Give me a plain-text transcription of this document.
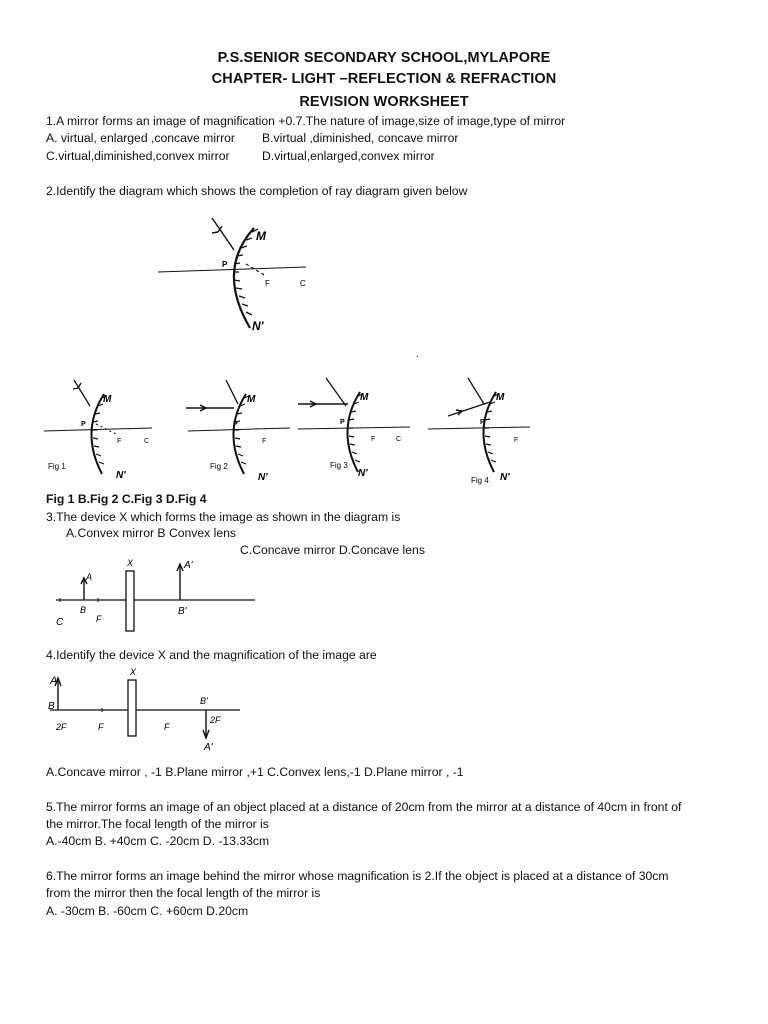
P.S.SENIOR SECONDARY SCHOOL,MYLAPORE
CHAPTER- LIGHT –REFLECTION & REFRACTION
REVISION WORKSHEET
1.A mirror forms an image of magnification +0.7.The nature of image,size of image,type of mirror
A. virtual, enlarged ,concave mirror B.virtual ,diminished, concave mirror
C.virtual,diminished,convex mirror	D.virtual,enlarged,convex mirror
2.Identify the diagram which shows the completion of ray diagram given below
M
P
F	C
N'
.
M
P
F	C
N'
Fig 1
M
P
F
N'
Fig 2
M
P
F	C
N'
Fig 3
M
P
F
N'
Fig 4
Fig 1 B.Fig 2 C.Fig 3 D.Fig 4
3.The device X which forms the image as shown in the diagram is
A.Convex mirror B Convex lens
C.Concave mirror D.Concave lens
A
B
C	F
X	A'
B'
4.Identify the device X and the magnification of the image are
A
B
2F	F
X
F
B'
2F
A'
A.Concave mirror , -1 B.Plane mirror ,+1 C.Convex lens,-1 D.Plane mirror , -1
5.The mirror forms an image of an object placed at a distance of 20cm from the mirror at a distance of 40cm in front of
the mirror.The focal length of the mirror is
A.-40cm B. +40cm C. -20cm D. -13.33cm
6.The mirror forms an image behind the mirror whose magnification is 2.If the object is placed at a distance of 30cm
from the mirror then the focal length of the mirror is
A. -30cm B. -60cm C. +60cm D.20cm
